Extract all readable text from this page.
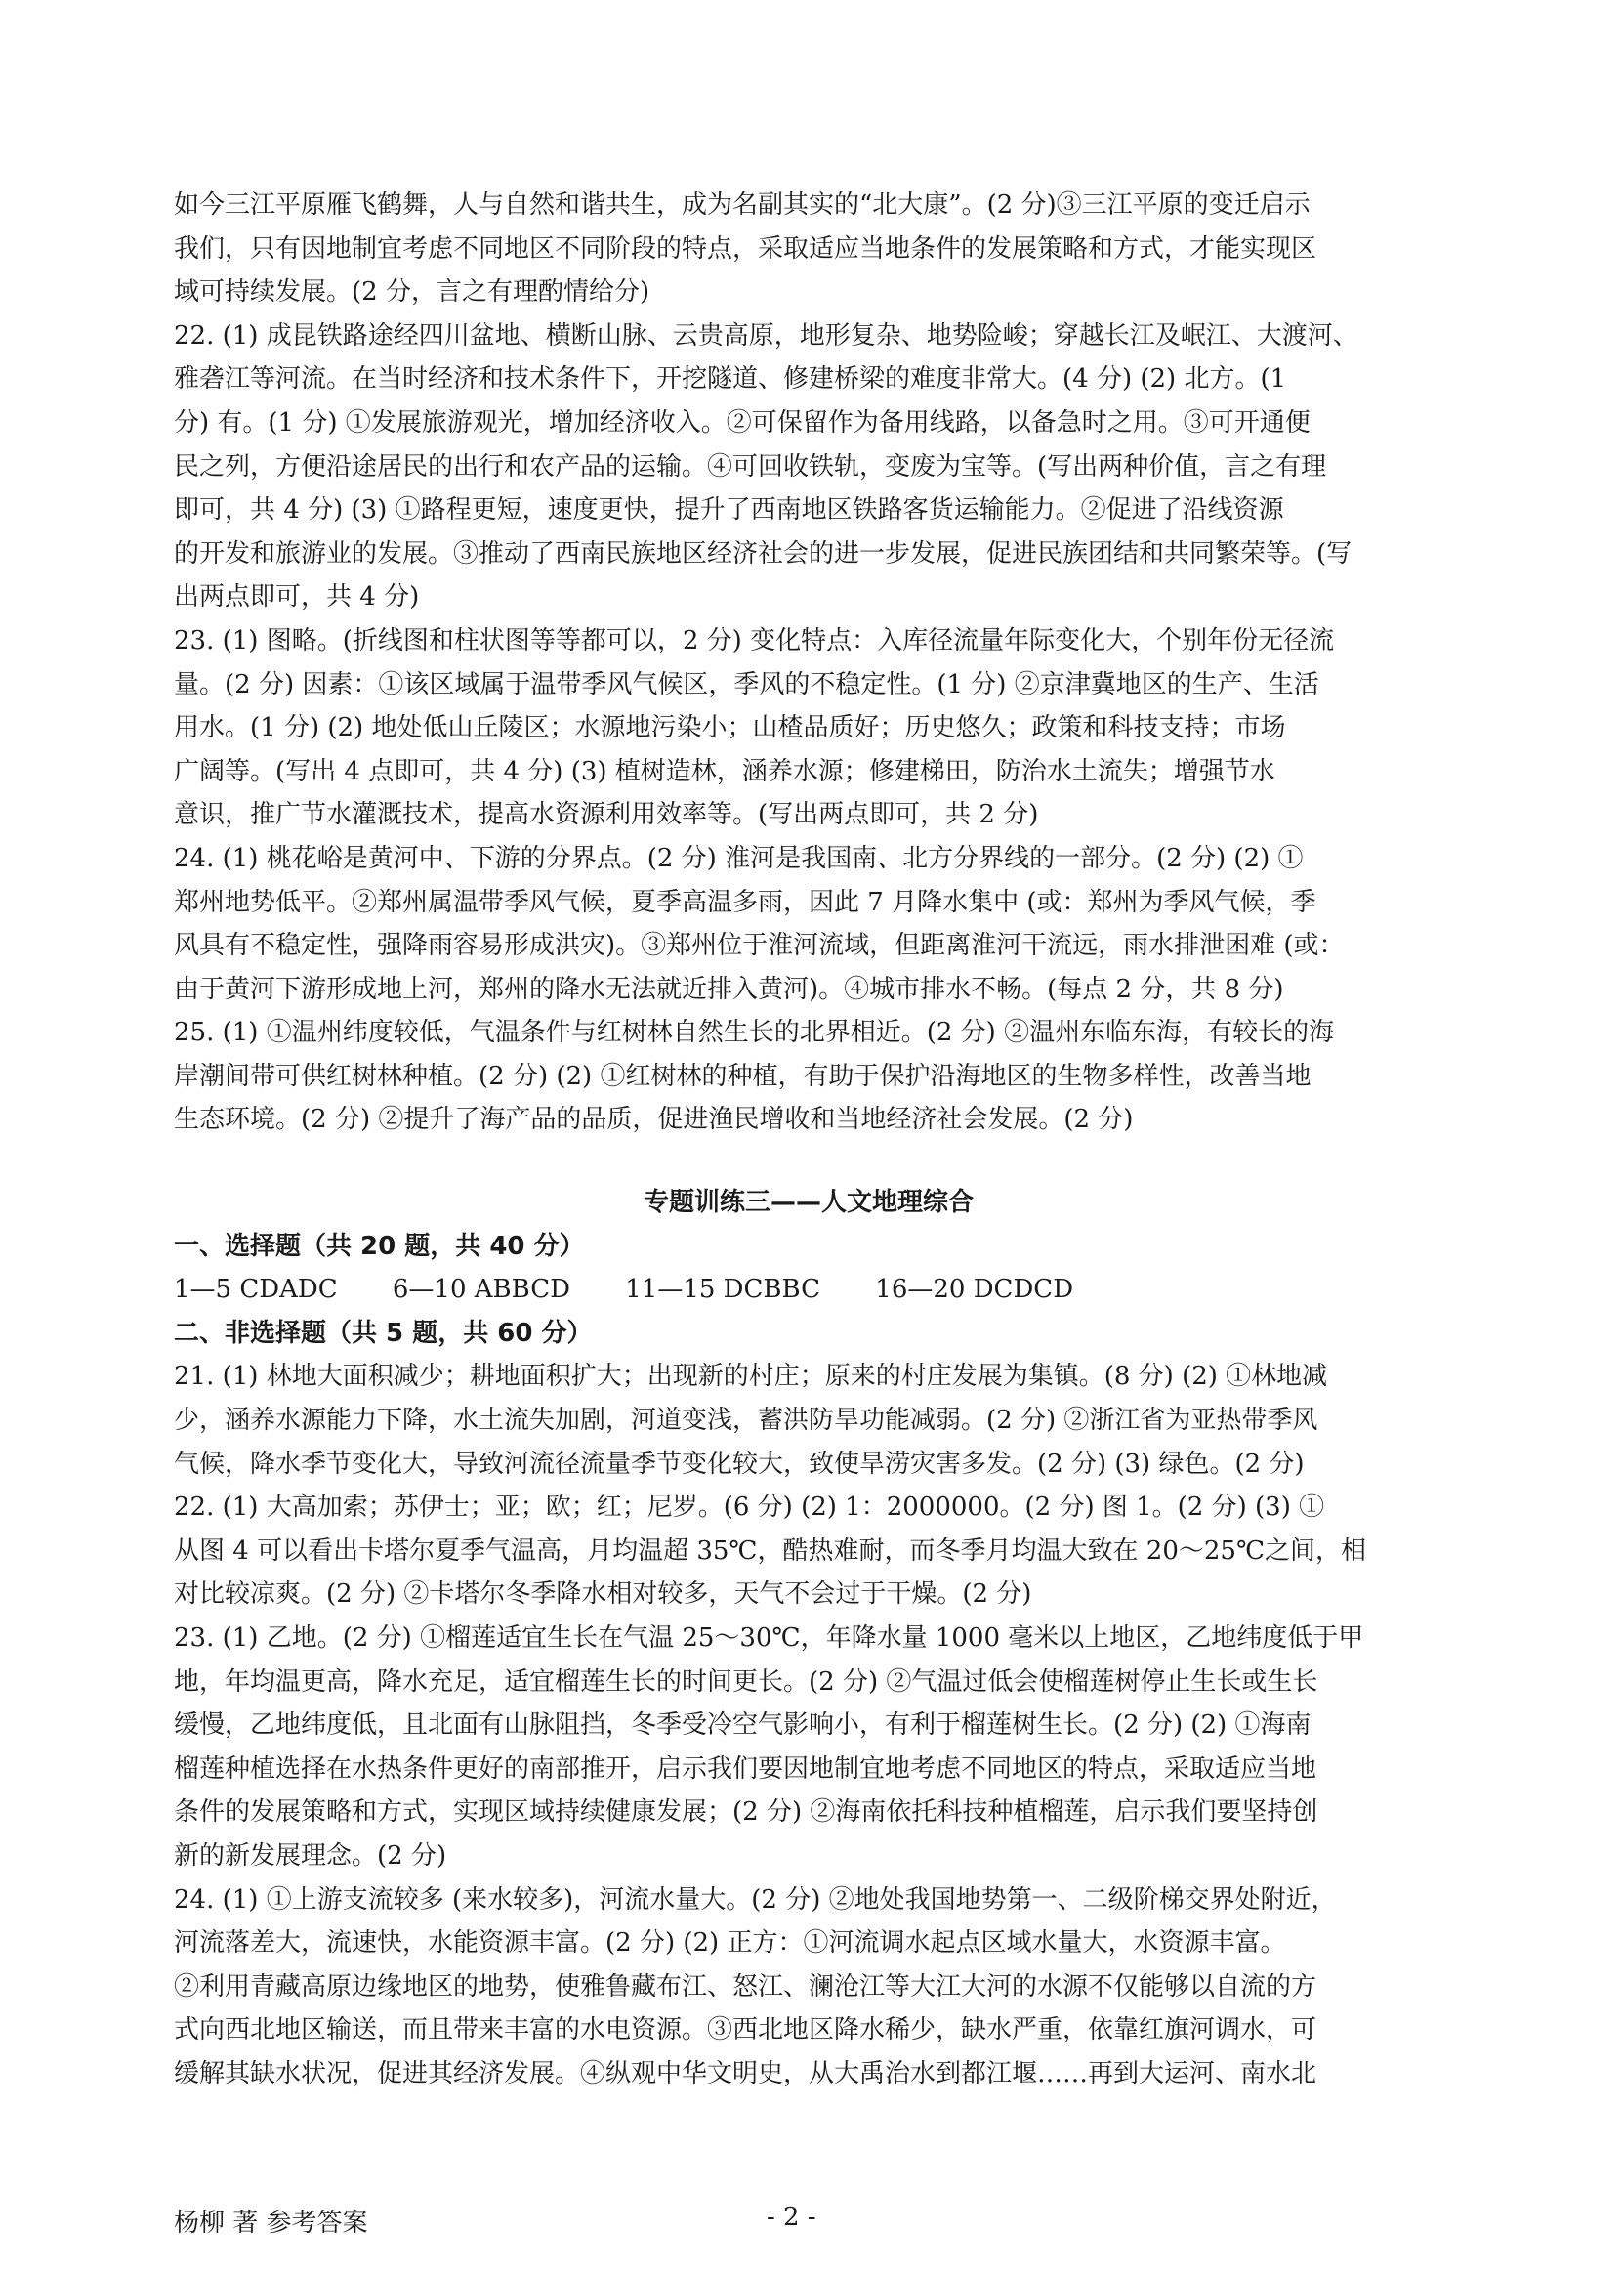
如今三江平原雁飞鹤舞，人与自然和谐共生，成为名副其实的“北大康”。(2 分)③三江平原的变迁启示
我们，只有因地制宜考虑不同地区不同阶段的特点，采取适应当地条件的发展策略和方式，才能实现区
域可持续发展。(2 分，言之有理酌情给分)
22. (1) 成昆铁路途经四川盆地、横断山脉、云贵高原，地形复杂、地势险峻；穿越长江及岷江、大渡河、
雅砻江等河流。在当时经济和技术条件下，开挖隧道、修建桥梁的难度非常大。(4 分) (2) 北方。(1
分) 有。(1 分) ①发展旅游观光，增加经济收入。②可保留作为备用线路，以备急时之用。③可开通便
民之列，方便沿途居民的出行和农产品的运输。④可回收铁轨，变废为宝等。(写出两种价值，言之有理
即可，共 4 分) (3) ①路程更短，速度更快，提升了西南地区铁路客货运输能力。②促进了沿线资源
的开发和旅游业的发展。③推动了西南民族地区经济社会的进一步发展，促进民族团结和共同繁荣等。(写
出两点即可，共 4 分)
23. (1) 图略。(折线图和柱状图等等都可以，2 分) 变化特点：入库径流量年际变化大，个别年份无径流
量。(2 分) 因素：①该区域属于温带季风气候区，季风的不稳定性。(1 分) ②京津冀地区的生产、生活
用水。(1 分) (2) 地处低山丘陵区；水源地污染小；山楂品质好；历史悠久；政策和科技支持；市场
广阔等。(写出 4 点即可，共 4 分) (3) 植树造林，涵养水源；修建梯田，防治水土流失；增强节水
意识，推广节水灌溉技术，提高水资源利用效率等。(写出两点即可，共 2 分)
24. (1) 桃花峪是黄河中、下游的分界点。(2 分) 淮河是我国南、北方分界线的一部分。(2 分) (2) ①
郑州地势低平。②郑州属温带季风气候，夏季高温多雨，因此 7 月降水集中 (或：郑州为季风气候，季
风具有不稳定性，强降雨容易形成洪灾)。③郑州位于淮河流域，但距离淮河干流远，雨水排泄困难 (或：
由于黄河下游形成地上河，郑州的降水无法就近排入黄河)。④城市排水不畅。(每点 2 分，共 8 分)
25. (1) ①温州纬度较低，气温条件与红树林自然生长的北界相近。(2 分) ②温州东临东海，有较长的海
岸潮间带可供红树林种植。(2 分) (2) ①红树林的种植，有助于保护沿海地区的生物多样性，改善当地
生态环境。(2 分) ②提升了海产品的品质，促进渔民增收和当地经济社会发展。(2 分)
专题训练三——人文地理综合
一、选择题（共 20 题，共 40 分）
1—5 CDADC 6—10 ABBCD 11—15 DCBBC 16—20 DCDCD
二、非选择题（共 5 题，共 60 分）
21. (1) 林地大面积减少；耕地面积扩大；出现新的村庄；原来的村庄发展为集镇。(8 分) (2) ①林地减
少，涵养水源能力下降，水土流失加剧，河道变浅，蓄洪防旱功能减弱。(2 分) ②浙江省为亚热带季风
气候，降水季节变化大，导致河流径流量季节变化较大，致使旱涝灾害多发。(2 分) (3) 绿色。(2 分)
22. (1) 大高加索；苏伊士；亚；欧；红；尼罗。(6 分) (2) 1：2000000。(2 分) 图 1。(2 分) (3) ①
从图 4 可以看出卡塔尔夏季气温高，月均温超 35℃，酷热难耐，而冬季月均温大致在 20～25℃之间，相
对比较凉爽。(2 分) ②卡塔尔冬季降水相对较多，天气不会过于干燥。(2 分)
23. (1) 乙地。(2 分) ①榴莲适宜生长在气温 25～30℃，年降水量 1000 毫米以上地区，乙地纬度低于甲
地，年均温更高，降水充足，适宜榴莲生长的时间更长。(2 分) ②气温过低会使榴莲树停止生长或生长
缓慢，乙地纬度低，且北面有山脉阻挡，冬季受冷空气影响小，有利于榴莲树生长。(2 分) (2) ①海南
榴莲种植选择在水热条件更好的南部推开，启示我们要因地制宜地考虑不同地区的特点，采取适应当地
条件的发展策略和方式，实现区域持续健康发展；(2 分) ②海南依托科技种植榴莲，启示我们要坚持创
新的新发展理念。(2 分)
24. (1) ①上游支流较多 (来水较多)，河流水量大。(2 分) ②地处我国地势第一、二级阶梯交界处附近，
河流落差大，流速快，水能资源丰富。(2 分) (2) 正方：①河流调水起点区域水量大，水资源丰富。
②利用青藏高原边缘地区的地势，使雅鲁藏布江、怒江、澜沧江等大江大河的水源不仅能够以自流的方
式向西北地区输送，而且带来丰富的水电资源。③西北地区降水稀少，缺水严重，依靠红旗河调水，可
缓解其缺水状况，促进其经济发展。④纵观中华文明史，从大禹治水到都江堰……再到大运河、南水北
杨柳 著 参考答案	- 2 -
